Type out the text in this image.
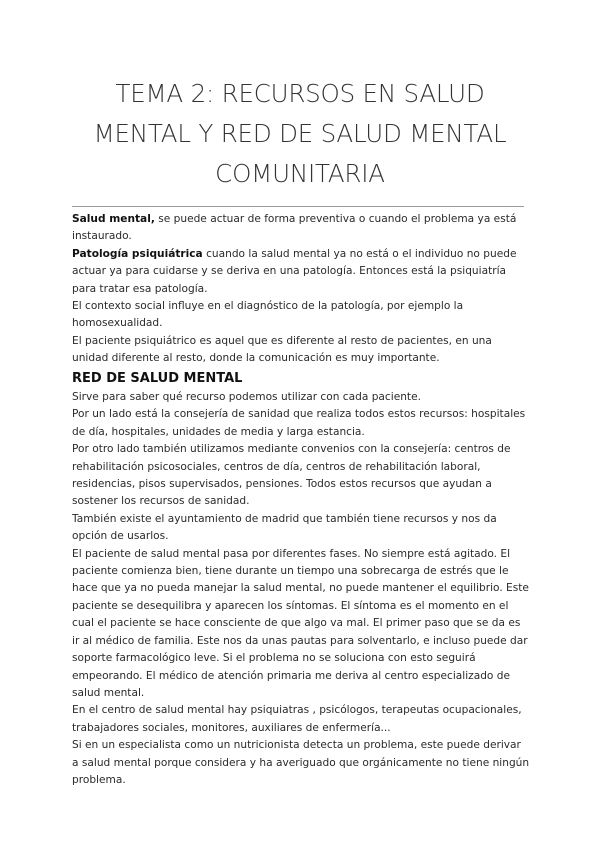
TEMA 2: RECURSOS EN SALUD
MENTAL Y RED DE SALUD MENTAL
COMUNITARIA

Salud mental, se puede actuar de forma preventiva o cuando el problema ya está instaurado.

Patología psiquiátrica cuando la salud mental ya no está o el individuo no puede actuar ya para cuidarse y se deriva en una patología. Entonces está la psiquiatría para tratar esa patología.

El contexto social influye en el diagnóstico de la patología, por ejemplo la homosexualidad.

El paciente psiquiátrico es aquel que es diferente al resto de pacientes, en una unidad diferente al resto, donde la comunicación es muy importante.

RED DE SALUD MENTAL

Sirve para saber qué recurso podemos utilizar con cada paciente.

Por un lado está la consejería de sanidad que realiza todos estos recursos: hospitales de día, hospitales, unidades de media y larga estancia.

Por otro lado también utilizamos mediante convenios con la consejería: centros de rehabilitación psicosociales, centros de día, centros de rehabilitación laboral, residencias, pisos supervisados, pensiones. Todos estos recursos que ayudan a sostener los recursos de sanidad.

También existe el ayuntamiento de madrid que también tiene recursos y nos da opción de usarlos.

El paciente de salud mental pasa por diferentes fases. No siempre está agitado. El paciente comienza bien, tiene durante un tiempo una sobrecarga de estrés que le hace que ya no pueda manejar la salud mental, no puede mantener el equilibrio. Este paciente se desequilibra y aparecen los síntomas. El síntoma es el momento en el cual el paciente se hace consciente de que algo va mal. El primer paso que se da es ir al médico de familia. Este nos da unas pautas para solventarlo, e incluso puede dar soporte farmacológico leve. Si el problema no se soluciona con esto seguirá empeorando. El médico de atención primaria me deriva al centro especializado de salud mental.

En el centro de salud mental hay psiquiatras , psicólogos, terapeutas ocupacionales, trabajadores sociales, monitores, auxiliares de enfermería...

Si en un especialista como un nutricionista detecta un problema, este puede derivar a salud mental porque considera y ha averiguado que orgánicamente no tiene ningún problema.
